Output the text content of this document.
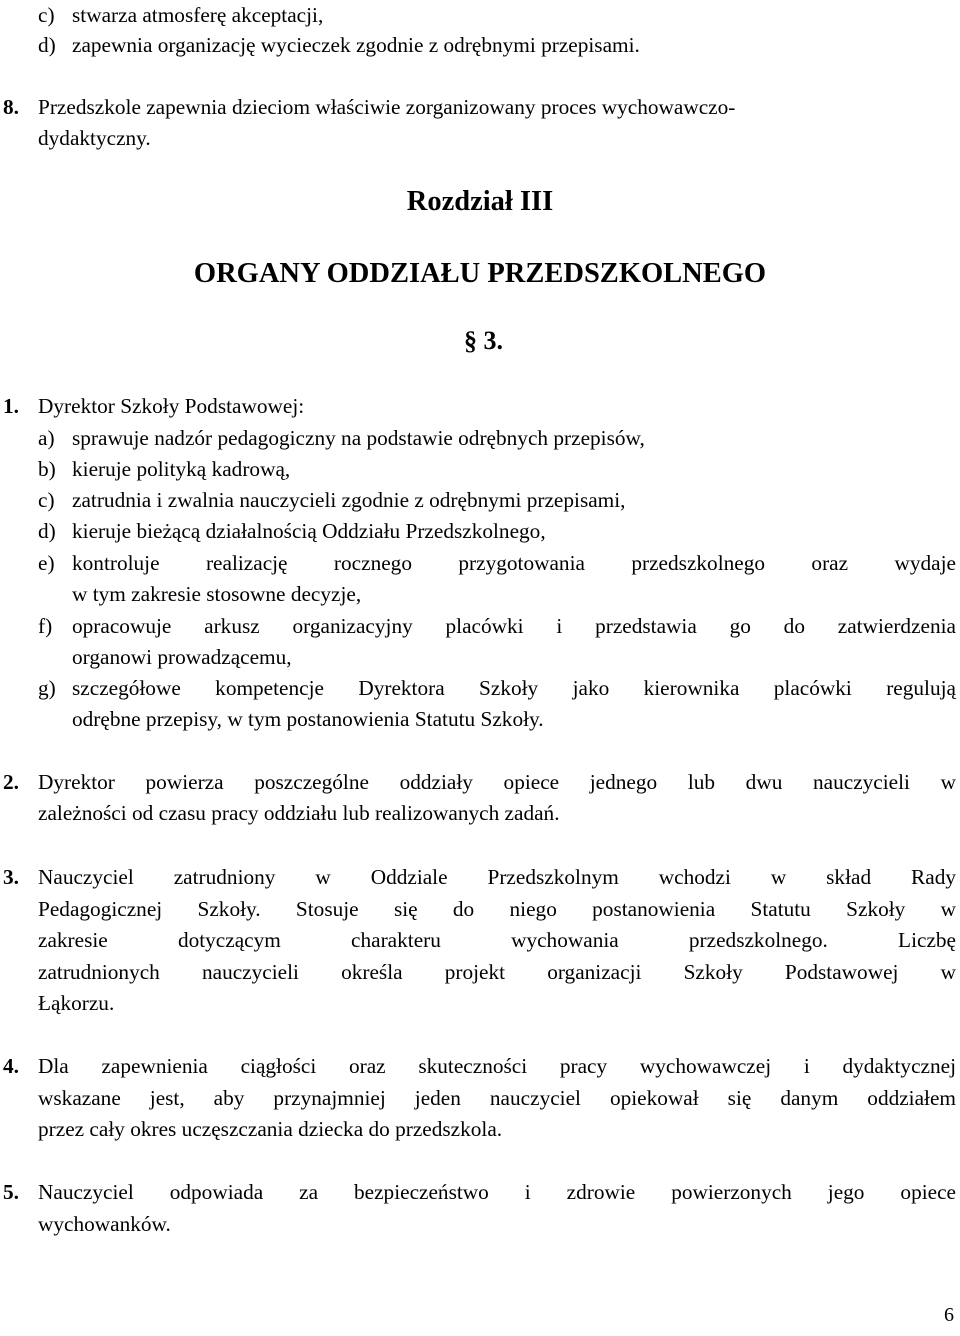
c) stwarza atmosferę akceptacji,
d) zapewnia organizację wycieczek zgodnie z odrębnymi przepisami.
8. Przedszkole zapewnia dzieciom właściwie zorganizowany proces wychowawczo-
dydaktyczny.
Rozdział III
ORGANY ODDZIAŁU PRZEDSZKOLNEGO
§ 3.
1. Dyrektor Szkoły Podstawowej:
a) sprawuje nadzór pedagogiczny na podstawie odrębnych przepisów,
b) kieruje polityką kadrową,
c) zatrudnia i zwalnia nauczycieli zgodnie z odrębnymi przepisami,
d) kieruje bieżącą działalnością Oddziału Przedszkolnego,
e) kontroluje realizację rocznego przygotowania przedszkolnego oraz wydaje
w tym zakresie stosowne decyzje,
f) opracowuje arkusz organizacyjny placówki i przedstawia go do zatwierdzenia
organowi prowadzącemu,
g) szczegółowe kompetencje Dyrektora Szkoły jako kierownika placówki regulują
odrębne przepisy, w tym postanowienia Statutu Szkoły.
2. Dyrektor powierza poszczególne oddziały opiece jednego lub dwu nauczycieli w
zależności od czasu pracy oddziału lub realizowanych zadań.
3. Nauczyciel zatrudniony w Oddziale Przedszkolnym wchodzi w skład Rady
Pedagogicznej Szkoły. Stosuje się do niego postanowienia Statutu Szkoły w
zakresie dotyczącym charakteru wychowania przedszkolnego. Liczbę
zatrudnionych nauczycieli określa projekt organizacji Szkoły Podstawowej w
Łąkorzu.
4. Dla zapewnienia ciągłości oraz skuteczności pracy wychowawczej i dydaktycznej
wskazane jest, aby przynajmniej jeden nauczyciel opiekował się danym oddziałem
przez cały okres uczęszczania dziecka do przedszkola.
5. Nauczyciel odpowiada za bezpieczeństwo i zdrowie powierzonych jego opiece
wychowanków.
6
